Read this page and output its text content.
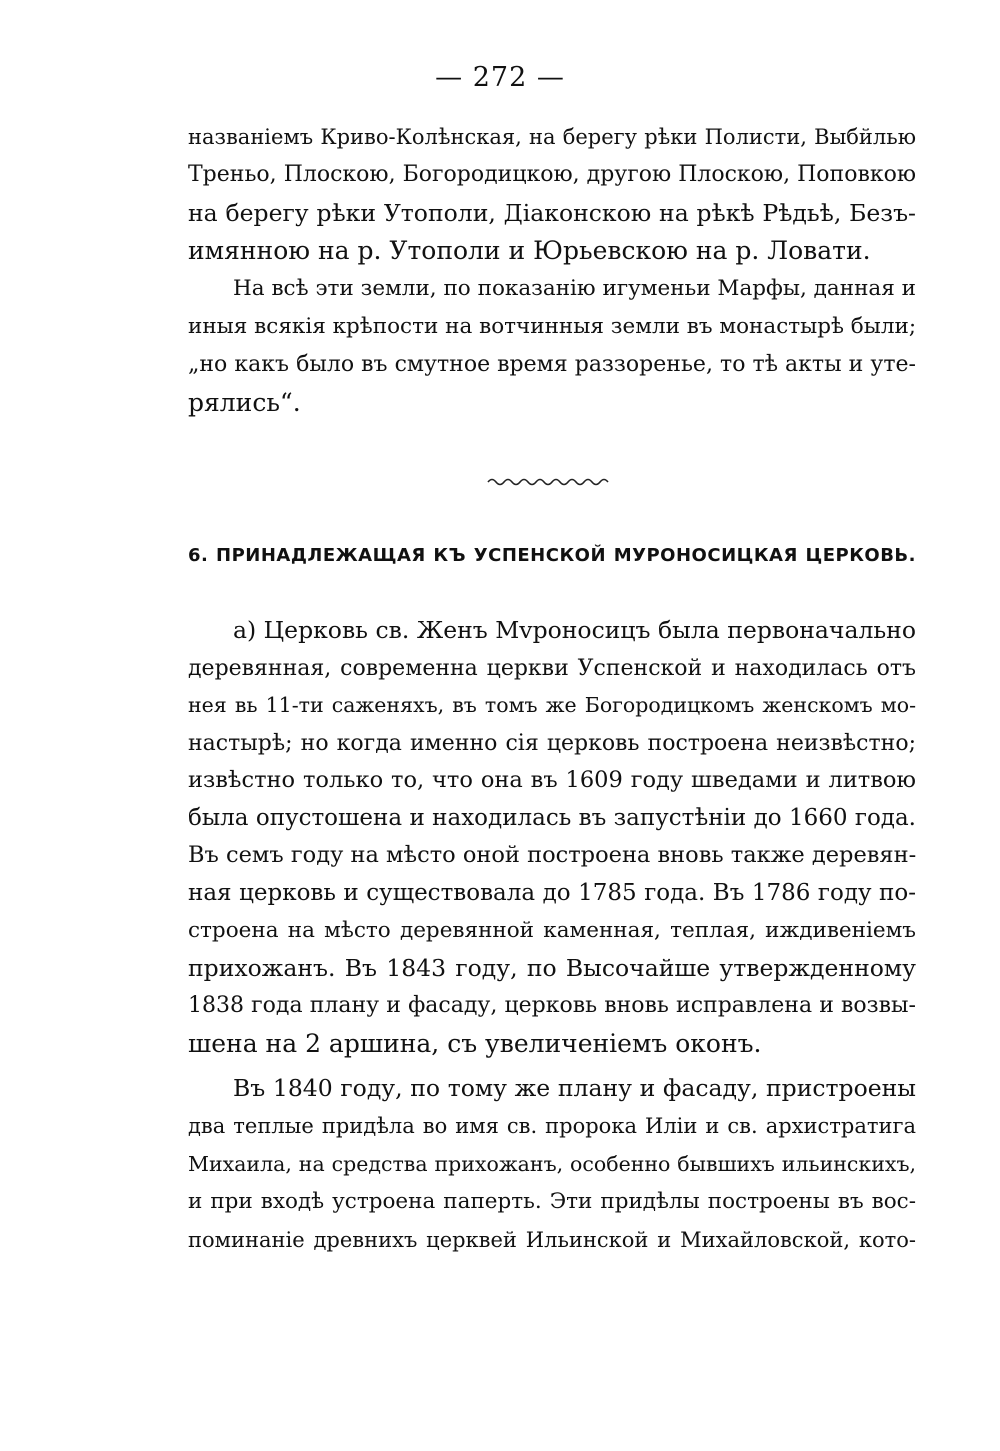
— 272 —
названіемъ Криво-Колѣнская, на берегу рѣки Полисти, Выбйлью
Треньо, Плоскою, Богородицкою, другою Плоскою, Поповкою
на берегу рѣки Утополи, Діаконскою на рѣкѣ Рѣдьѣ, Безъ-
имянною на р. Утополи и Юрьевскою на р. Ловати.
На всѣ эти земли, по показанію игуменьи Марфы, данная и
иныя всякія крѣпости на вотчинныя земли въ монастырѣ были;
„но какъ было въ смутное время раззоренье, то тѣ акты и уте-
рялись“.
6. ПРИНАДЛЕЖАЩАЯ КЪ УСПЕНСКОЙ МУРОНОСИЦКАЯ ЦЕРКОВЬ.
а) Церковь св. Женъ Мvроносицъ была первоначально
деревянная, современна церкви Успенской и находилась отъ
нея вь 11-ти саженяхъ, въ томъ же Богородицкомъ женскомъ мо-
настырѣ; но когда именно сія церковь построена неизвѣстно;
извѣстно только то, что она въ 1609 году шведами и литвою
была опустошена и находилась въ запустѣніи до 1660 года.
Въ семъ году на мѣсто оной построена вновь также деревян-
ная церковь и существовала до 1785 года. Въ 1786 году по-
строена на мѣсто деревянной каменная, теплая, иждивеніемъ
прихожанъ. Въ 1843 году, по Высочайше утвержденному
1838 года плану и фасаду, церковь вновь исправлена и возвы-
шена на 2 аршина, съ увеличеніемъ оконъ.
Въ 1840 году, по тому же плану и фасаду, пристроены
два теплые придѣла во имя св. пророка Иліи и св. архистратига
Михаила, на средства прихожанъ, особенно бывшихъ ильинскихъ,
и при входѣ устроена паперть. Эти придѣлы построены въ вос-
поминаніе древнихъ церквей Ильинской и Михайловской, кото-
